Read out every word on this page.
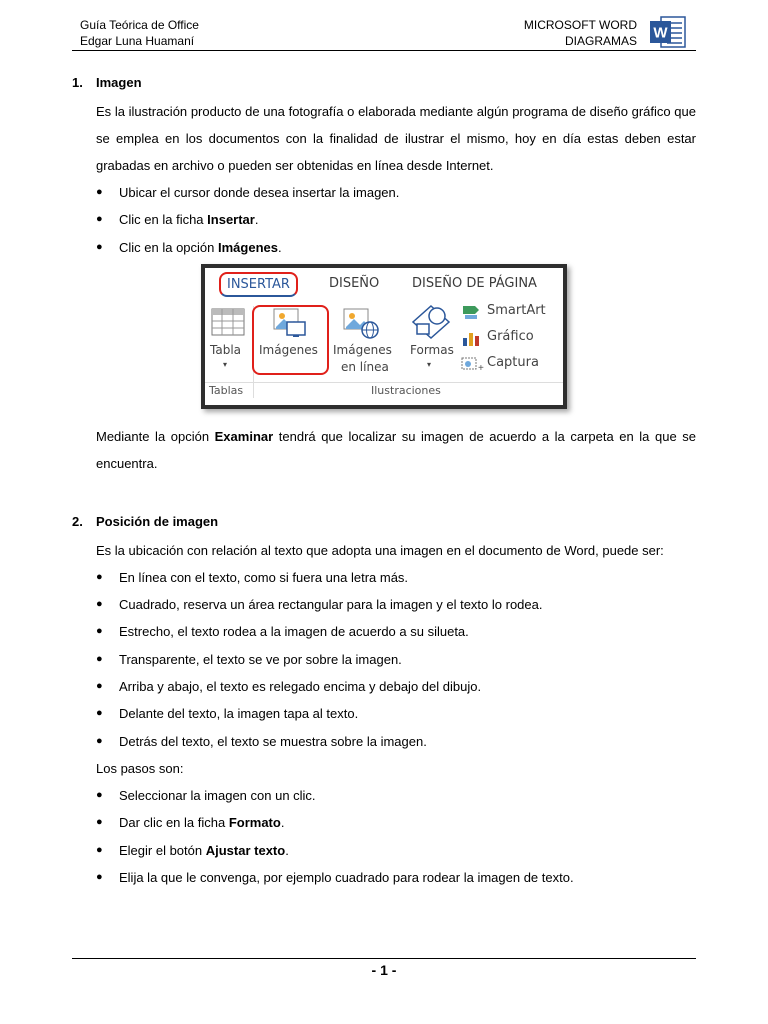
Guía Teórica de Office
Edgar Luna Huamaní
MICROSOFT WORD
DIAGRAMAS W
1.	Imagen

Es la ilustración producto de una fotografía o elaborada mediante algún programa de diseño gráfico que se emplea en los documentos con la finalidad de ilustrar el mismo, hoy en día estas deben estar grabadas en archivo o pueden ser obtenidas en línea desde Internet.

● Ubicar el cursor donde desea insertar la imagen.
● Clic en la ficha Insertar.
● Clic en la opción Imágenes.
INSERTAR	DISEÑO	DISEÑO DE PÁGINA
Tabla
▾
Imágenes Imágenes
en línea
Formas
▾
SmartArt
Gráfico
+ Captura
Tablas	Ilustraciones

Mediante la opción Examinar tendrá que localizar su imagen de acuerdo a la carpeta en la que se encuentra.

2.	Posición de imagen

Es la ubicación con relación al texto que adopta una imagen en el documento de Word, puede ser:

● En línea con el texto, como si fuera una letra más.
● Cuadrado, reserva un área rectangular para la imagen y el texto lo rodea.
● Estrecho, el texto rodea a la imagen de acuerdo a su silueta.
● Transparente, el texto se ve por sobre la imagen.
● Arriba y abajo, el texto es relegado encima y debajo del dibujo.
● Delante del texto, la imagen tapa al texto.
● Detrás del texto, el texto se muestra sobre la imagen.

Los pasos son:

● Seleccionar la imagen con un clic.
● Dar clic en la ficha Formato.
● Elegir el botón Ajustar texto.
● Elija la que le convenga, por ejemplo cuadrado para rodear la imagen de texto.
- 1 -
